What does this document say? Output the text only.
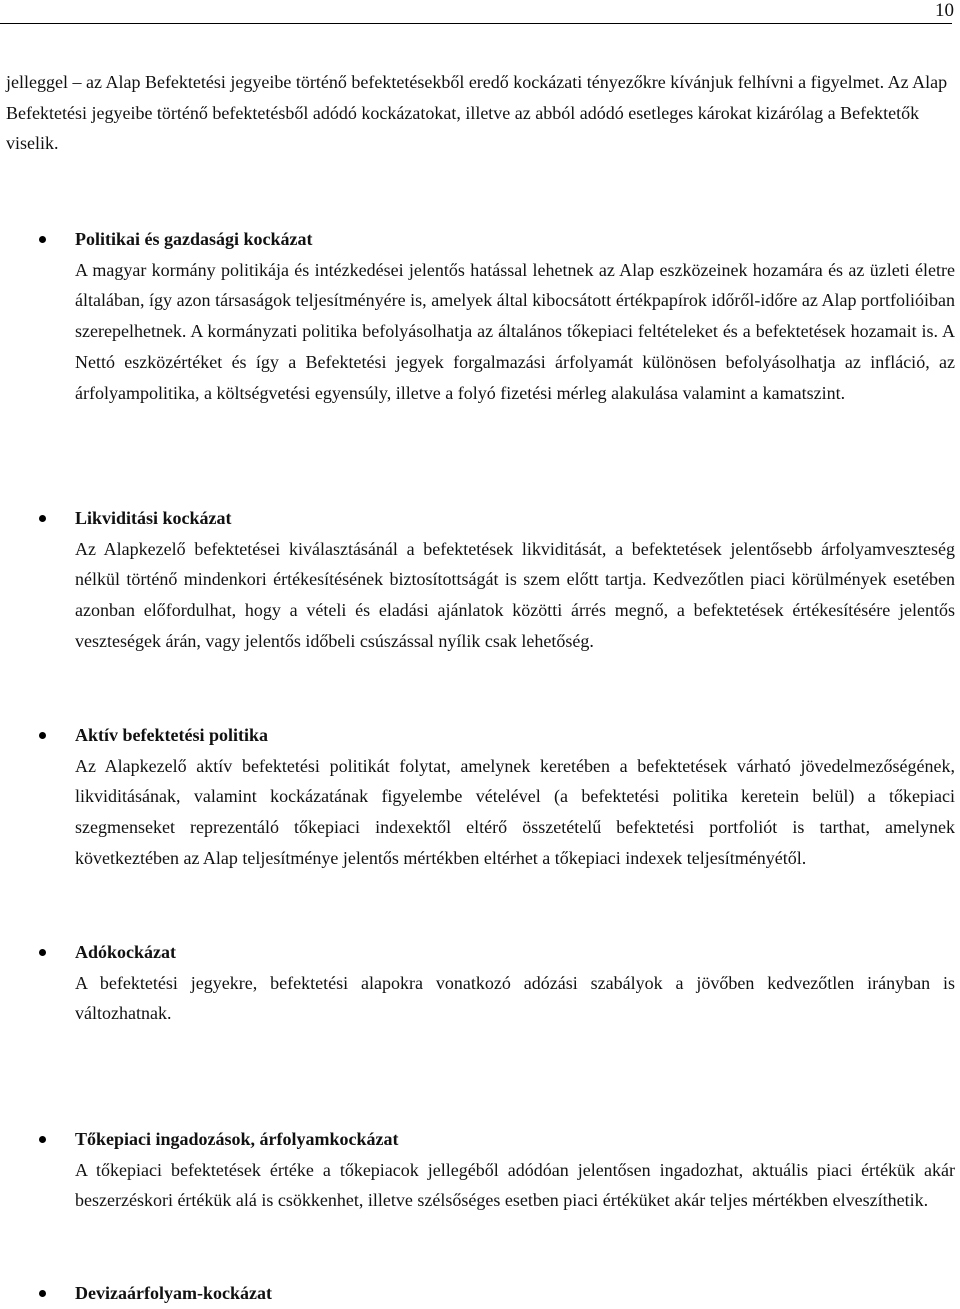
10

jelleggel – az Alap Befektetési jegyeibe történő befektetésekből eredő kockázati tényezőkre kívánjuk felhívni a figyelmet. Az Alap Befektetési jegyeibe történő befektetésből adódó kockázatokat, illetve az abból adódó esetleges károkat kizárólag a Befektetők viselik.

Politikai és gazdasági kockázat

A magyar kormány politikája és intézkedései jelentős hatással lehetnek az Alap eszközeinek hozamára és az üzleti életre általában, így azon társaságok teljesítményére is, amelyek által kibocsátott értékpapírok időről-időre az Alap portfolióiban szerepelhetnek. A kormányzati politika befolyásolhatja az általános tőkepiaci feltételeket és a befektetések hozamait is. A Nettó eszközértéket és így a Befektetési jegyek forgalmazási árfolyamát különösen befolyásolhatja az infláció, az árfolyampolitika, a költségvetési egyensúly, illetve a folyó fizetési mérleg alakulása valamint a kamatszint.

Likviditási kockázat

Az Alapkezelő befektetései kiválasztásánál a befektetések likviditását, a befektetések jelentősebb árfolyamveszteség nélkül történő mindenkori értékesítésének biztosítottságát is szem előtt tartja. Kedvezőtlen piaci körülmények esetében azonban előfordulhat, hogy a vételi és eladási ajánlatok közötti árrés megnő, a befektetések értékesítésére jelentős veszteségek árán, vagy jelentős időbeli csúszással nyílik csak lehetőség.

Aktív befektetési politika

Az Alapkezelő aktív befektetési politikát folytat, amelynek keretében a befektetések várható jövedelmezőségének, likviditásának, valamint kockázatának figyelembe vételével (a befektetési politika keretein belül) a tőkepiaci szegmenseket reprezentáló tőkepiaci indexektől eltérő összetételű befektetési portfoliót is tarthat, amelynek következtében az Alap teljesítménye jelentős mértékben eltérhet a tőkepiaci indexek teljesítményétől.

Adókockázat

A befektetési jegyekre, befektetési alapokra vonatkozó adózási szabályok a jövőben kedvezőtlen irányban is változhatnak.

Tőkepiaci ingadozások, árfolyamkockázat

A tőkepiaci befektetések értéke a tőkepiacok jellegéből adódóan jelentősen ingadozhat, aktuális piaci értékük akár beszerzéskori értékük alá is csökkenhet, illetve szélsőséges esetben piaci értéküket akár teljes mértékben elveszíthetik.

Devizaárfolyam-kockázat
